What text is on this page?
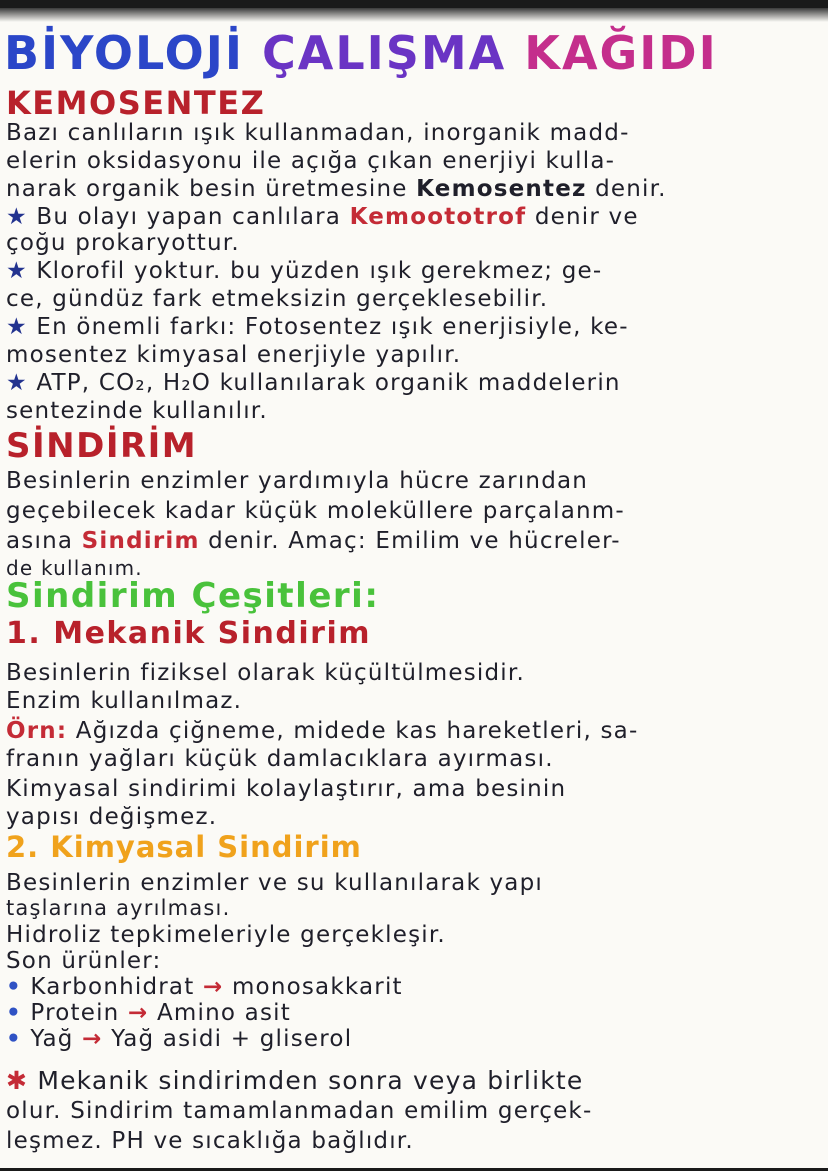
BİYOLOJİ ÇALIŞMA KAĞIDI
KEMOSENTEZ
Bazı canlıların ışık kullanmadan, inorganik madd-
elerin oksidasyonu ile açığa çıkan enerjiyi kulla-
narak organik besin üretmesine Kemosentez denir.
★ Bu olayı yapan canlılara Kemoototrof denir ve
çoğu prokaryottur.
★ Klorofil yoktur. bu yüzden ışık gerekmez; ge-
ce, gündüz fark etmeksizin gerçeklesebilir.
★ En önemli farkı: Fotosentez ışık enerjisiyle, ke-
mosentez kimyasal enerjiyle yapılır.
★ ATP, CO₂, H₂O kullanılarak organik maddelerin
sentezinde kullanılır.
SİNDİRİM
Besinlerin enzimler yardımıyla hücre zarından
geçebilecek kadar küçük moleküllere parçalanm-
asına Sindirim denir. Amaç: Emilim ve hücreler-
de kullanım.
Sindirim Çeşitleri:
1. Mekanik Sindirim
Besinlerin fiziksel olarak küçültülmesidir.
Enzim kullanılmaz.
Örn: Ağızda çiğneme, midede kas hareketleri, sa-
franın yağları küçük damlacıklara ayırması.
Kimyasal sindirimi kolaylaştırır, ama besinin
yapısı değişmez.
2. Kimyasal Sindirim
Besinlerin enzimler ve su kullanılarak yapı
taşlarına ayrılması.
Hidroliz tepkimeleriyle gerçekleşir.
Son ürünler:
• Karbonhidrat → monosakkarit
• Protein → Amino asit
• Yağ → Yağ asidi + gliserol
✱ Mekanik sindirimden sonra veya birlikte
olur. Sindirim tamamlanmadan emilim gerçek-
leşmez. PH ve sıcaklığa bağlıdır.
